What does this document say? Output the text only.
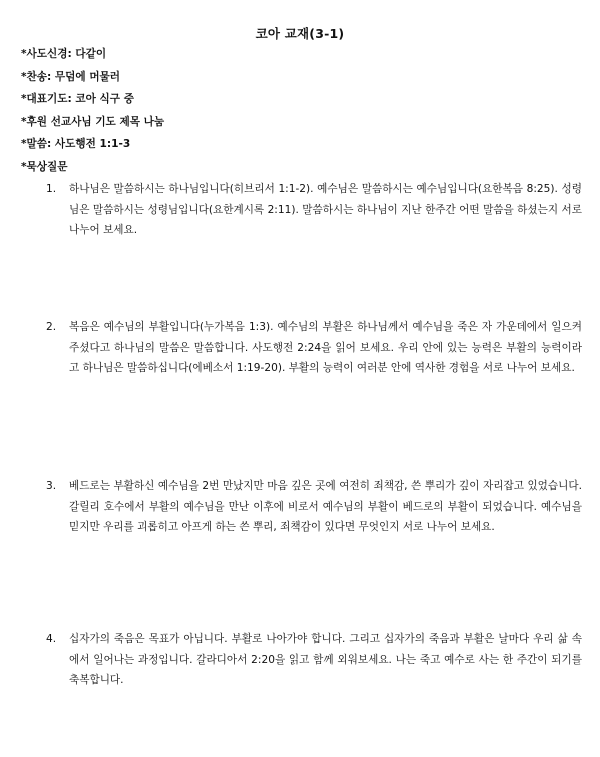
코아 교재(3-1)
*사도신경: 다같이
*찬송: 무덤에 머물러
*대표기도: 코아 식구 중
*후원 선교사님 기도 제목 나눔
*말씀: 사도행전 1:1-3
*묵상질문
1. 하나님은 말씀하시는 하나님입니다(히브리서 1:1-2). 예수님은 말씀하시는 예수님입니다(요한복음 8:25). 성령님은 말씀하시는 성령님입니다(요한계시록 2:11). 말씀하시는 하나님이 지난 한주간 어떤 말씀을 하셨는지 서로 나누어 보세요.
2. 복음은 예수님의 부활입니다(누가복음 1:3). 예수님의 부활은 하나님께서 예수님을 죽은 자 가운데에서 일으켜 주셨다고 하나님의 말씀은 말씀합니다. 사도행전 2:24을 읽어 보세요. 우리 안에 있는 능력은 부활의 능력이라고 하나님은 말씀하십니다(에베소서 1:19-20). 부활의 능력이 여러분 안에 역사한 경험을 서로 나누어 보세요.
3. 베드로는 부활하신 예수님을 2번 만났지만 마음 깊은 곳에 여전히 죄책감, 쓴 뿌리가 깊이 자리잡고 있었습니다. 갈릴리 호수에서 부활의 예수님을 만난 이후에 비로서 예수님의 부활이 베드로의 부활이 되었습니다. 예수님을 믿지만 우리를 괴롭히고 아프게 하는 쓴 뿌리, 죄책감이 있다면 무엇인지 서로 나누어 보세요.
4. 십자가의 죽음은 목표가 아닙니다. 부활로 나아가야 합니다. 그리고 십자가의 죽음과 부활은 날마다 우리 삶 속에서 일어나는 과정입니다. 갈라디아서 2:20을 읽고 함께 외워보세요. 나는 죽고 예수로 사는 한 주간이 되기를 축복합니다.
